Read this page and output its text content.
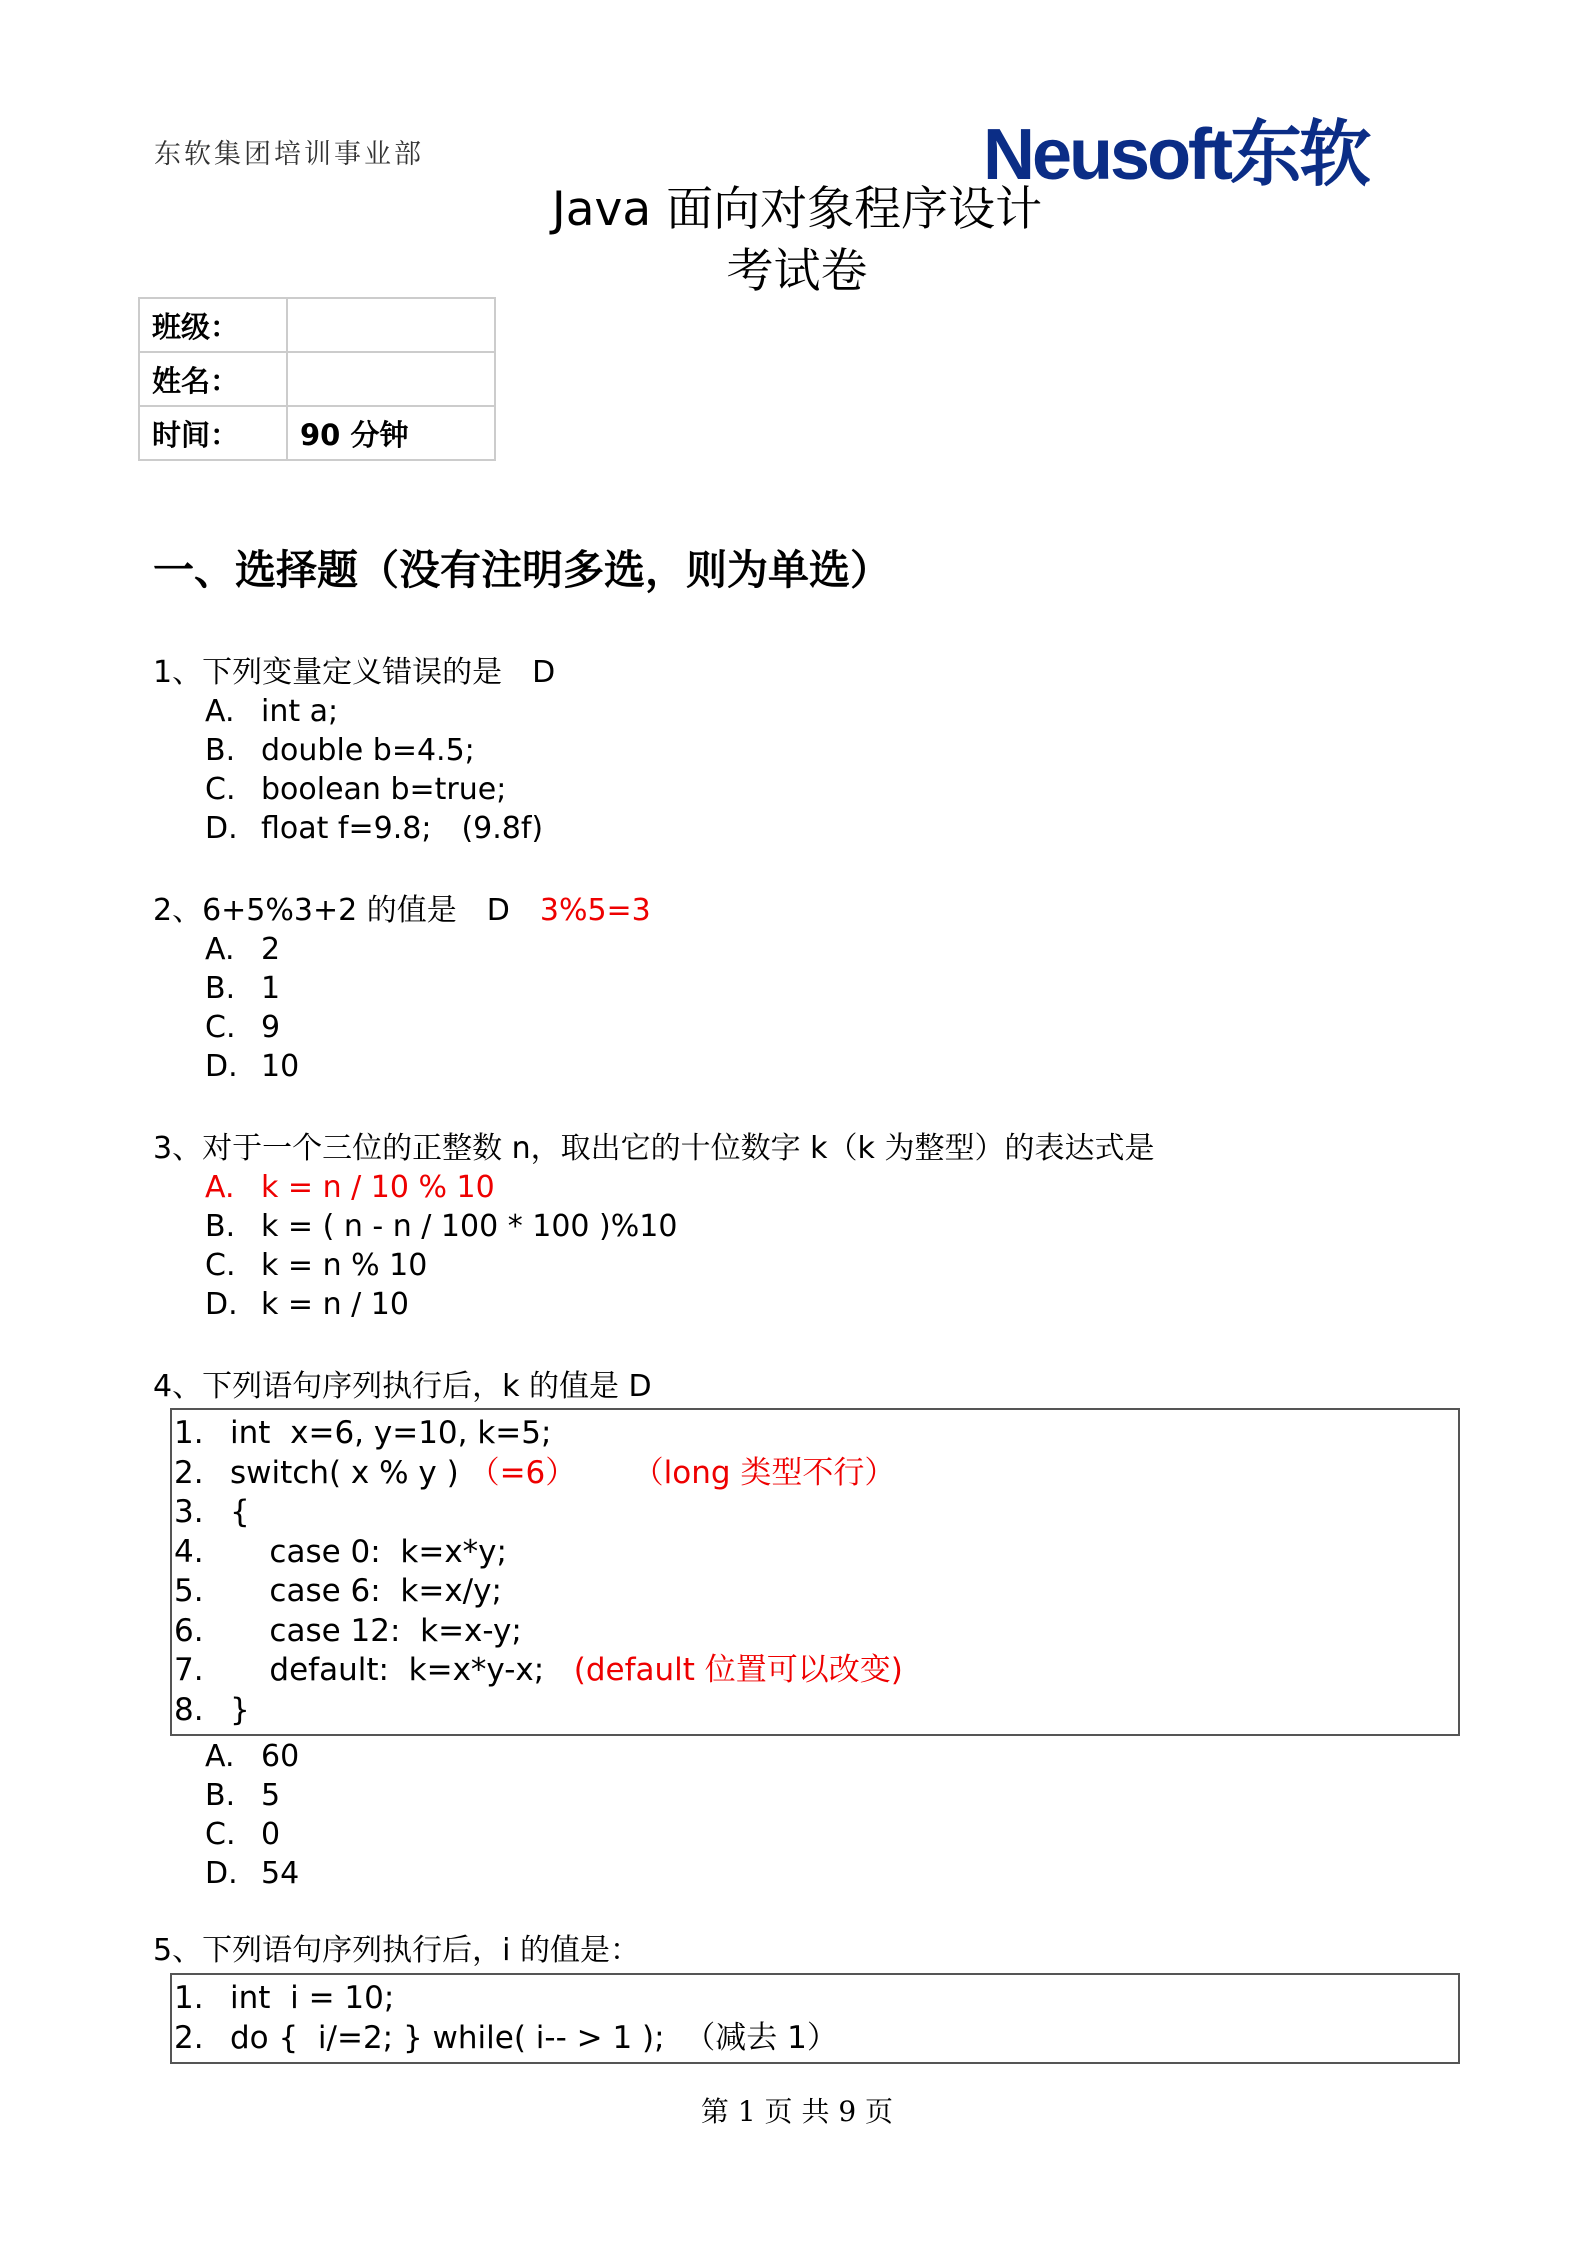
东软集团培训事业部	Neusoft东软
Java 面向对象程序设计
考试卷
班级：	
姓名：	
时间：	90 分钟
一、选择题（没有注明多选，则为单选）
1、下列变量定义错误的是　D
A. int a;
B. double b=4.5;
C. boolean b=true;
D. float f=9.8;　(9.8f)
2、6+5%3+2 的值是　D　3%5=3
A. 2
B. 1
C. 9
D. 10
3、对于一个三位的正整数 n，取出它的十位数字 k（k 为整型）的表达式是
A. k = n / 10 % 10
B. k = ( n - n / 100 * 100 )%10
C. k = n % 10
D. k = n / 10
4、下列语句序列执行后，k 的值是 D
1. int  x=6, y=10, k=5;
2. switch( x % y ) （=6）　　 （long 类型不行）
3. {
4.    case 0:  k=x*y;
5.    case 6:  k=x/y;
6.    case 12:  k=x-y;
7.    default:  k=x*y-x;   (default 位置可以改变)
8. }
A. 60
B. 5
C. 0
D. 54
5、下列语句序列执行后，i 的值是：
1. int  i = 10;
2. do {  i/=2; } while( i-- > 1 );  （减去 1）
第 1 页 共 9 页
